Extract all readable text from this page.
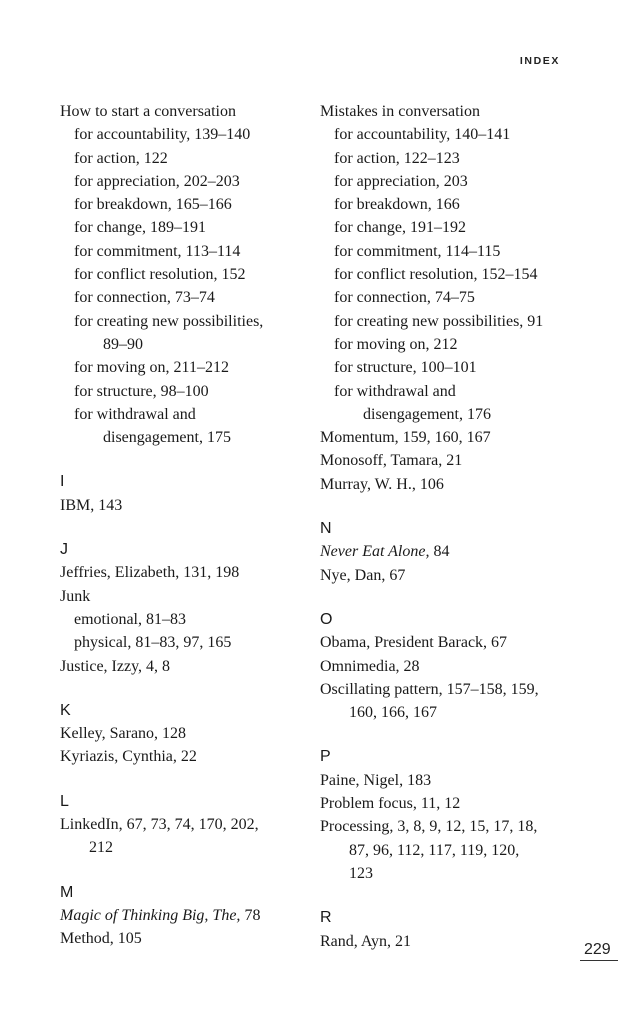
INDEX
How to start a conversation
for accountability, 139–140
for action, 122
for appreciation, 202–203
for breakdown, 165–166
for change, 189–191
for commitment, 113–114
for conflict resolution, 152
for connection, 73–74
for creating new possibilities,
89–90
for moving on, 211–212
for structure, 98–100
for withdrawal and
disengagement, 175
I
IBM, 143
J
Jeffries, Elizabeth, 131, 198
Junk
emotional, 81–83
physical, 81–83, 97, 165
Justice, Izzy, 4, 8
K
Kelley, Sarano, 128
Kyriazis, Cynthia, 22
L
LinkedIn, 67, 73, 74, 170, 202,
212
M
Magic of Thinking Big, The, 78
Method, 105
Mistakes in conversation
for accountability, 140–141
for action, 122–123
for appreciation, 203
for breakdown, 166
for change, 191–192
for commitment, 114–115
for conflict resolution, 152–154
for connection, 74–75
for creating new possibilities, 91
for moving on, 212
for structure, 100–101
for withdrawal and
disengagement, 176
Momentum, 159, 160, 167
Monosoff, Tamara, 21
Murray, W. H., 106
N
Never Eat Alone, 84
Nye, Dan, 67
O
Obama, President Barack, 67
Omnimedia, 28
Oscillating pattern, 157–158, 159,
160, 166, 167
P
Paine, Nigel, 183
Problem focus, 11, 12
Processing, 3, 8, 9, 12, 15, 17, 18,
87, 96, 112, 117, 119, 120,
123
R
Rand, Ayn, 21	229
